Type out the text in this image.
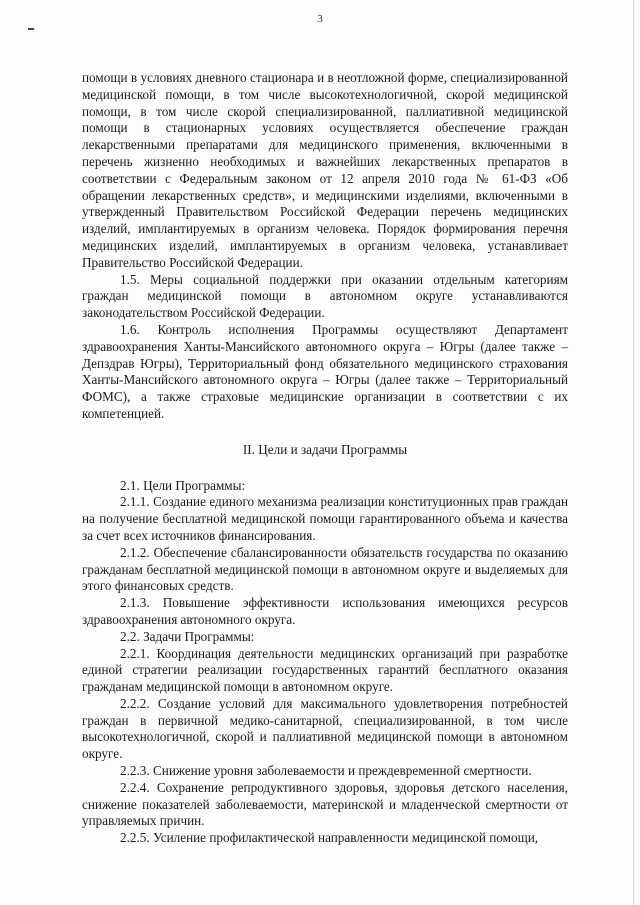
3

помощи в условиях дневного стационара и в неотложной форме, специализированной медицинской помощи, в том числе высокотехнологичной, скорой медицинской помощи, в том числе скорой специализированной, паллиативной медицинской помощи в стационарных условиях осуществляется обеспечение граждан лекарственными препаратами для медицинского применения, включенными в перечень жизненно необходимых и важнейших лекарственных препаратов в соответствии с Федеральным законом от 12 апреля 2010 года № 61-ФЗ «Об обращении лекарственных средств», и медицинскими изделиями, включенными в утвержденный Правительством Российской Федерации перечень медицинских изделий, имплантируемых в организм человека. Порядок формирования перечня медицинских изделий, имплантируемых в организм человека, устанавливает Правительство Российской Федерации.

1.5. Меры социальной поддержки при оказании отдельным категориям граждан медицинской помощи в автономном округе устанавливаются законодательством Российской Федерации.

1.6. Контроль исполнения Программы осуществляют Департамент здравоохранения Ханты-Мансийского автономного округа – Югры (далее также – Депздрав Югры), Территориальный фонд обязательного медицинского страхования Ханты-Мансийского автономного округа – Югры (далее также – Территориальный ФОМС), а также страховые медицинские организации в соответствии с их компетенцией.

II. Цели и задачи Программы

2.1. Цели Программы:

2.1.1. Создание единого механизма реализации конституционных прав граждан на получение бесплатной медицинской помощи гарантированного объема и качества за счет всех источников финансирования.

2.1.2. Обеспечение сбалансированности обязательств государства по оказанию гражданам бесплатной медицинской помощи в автономном округе и выделяемых для этого финансовых средств.

2.1.3. Повышение эффективности использования имеющихся ресурсов здравоохранения автономного округа.

2.2. Задачи Программы:

2.2.1. Координация деятельности медицинских организаций при разработке единой стратегии реализации государственных гарантий бесплатного оказания гражданам медицинской помощи в автономном округе.

2.2.2. Создание условий для максимального удовлетворения потребностей граждан в первичной медико-санитарной, специализированной, в том числе высокотехнологичной, скорой и паллиативной медицинской помощи в автономном округе.

2.2.3. Снижение уровня заболеваемости и преждевременной смертности.

2.2.4. Сохранение репродуктивного здоровья, здоровья детского населения, снижение показателей заболеваемости, материнской и младенческой смертности от управляемых причин.

2.2.5. Усиление профилактической направленности медицинской помощи,
